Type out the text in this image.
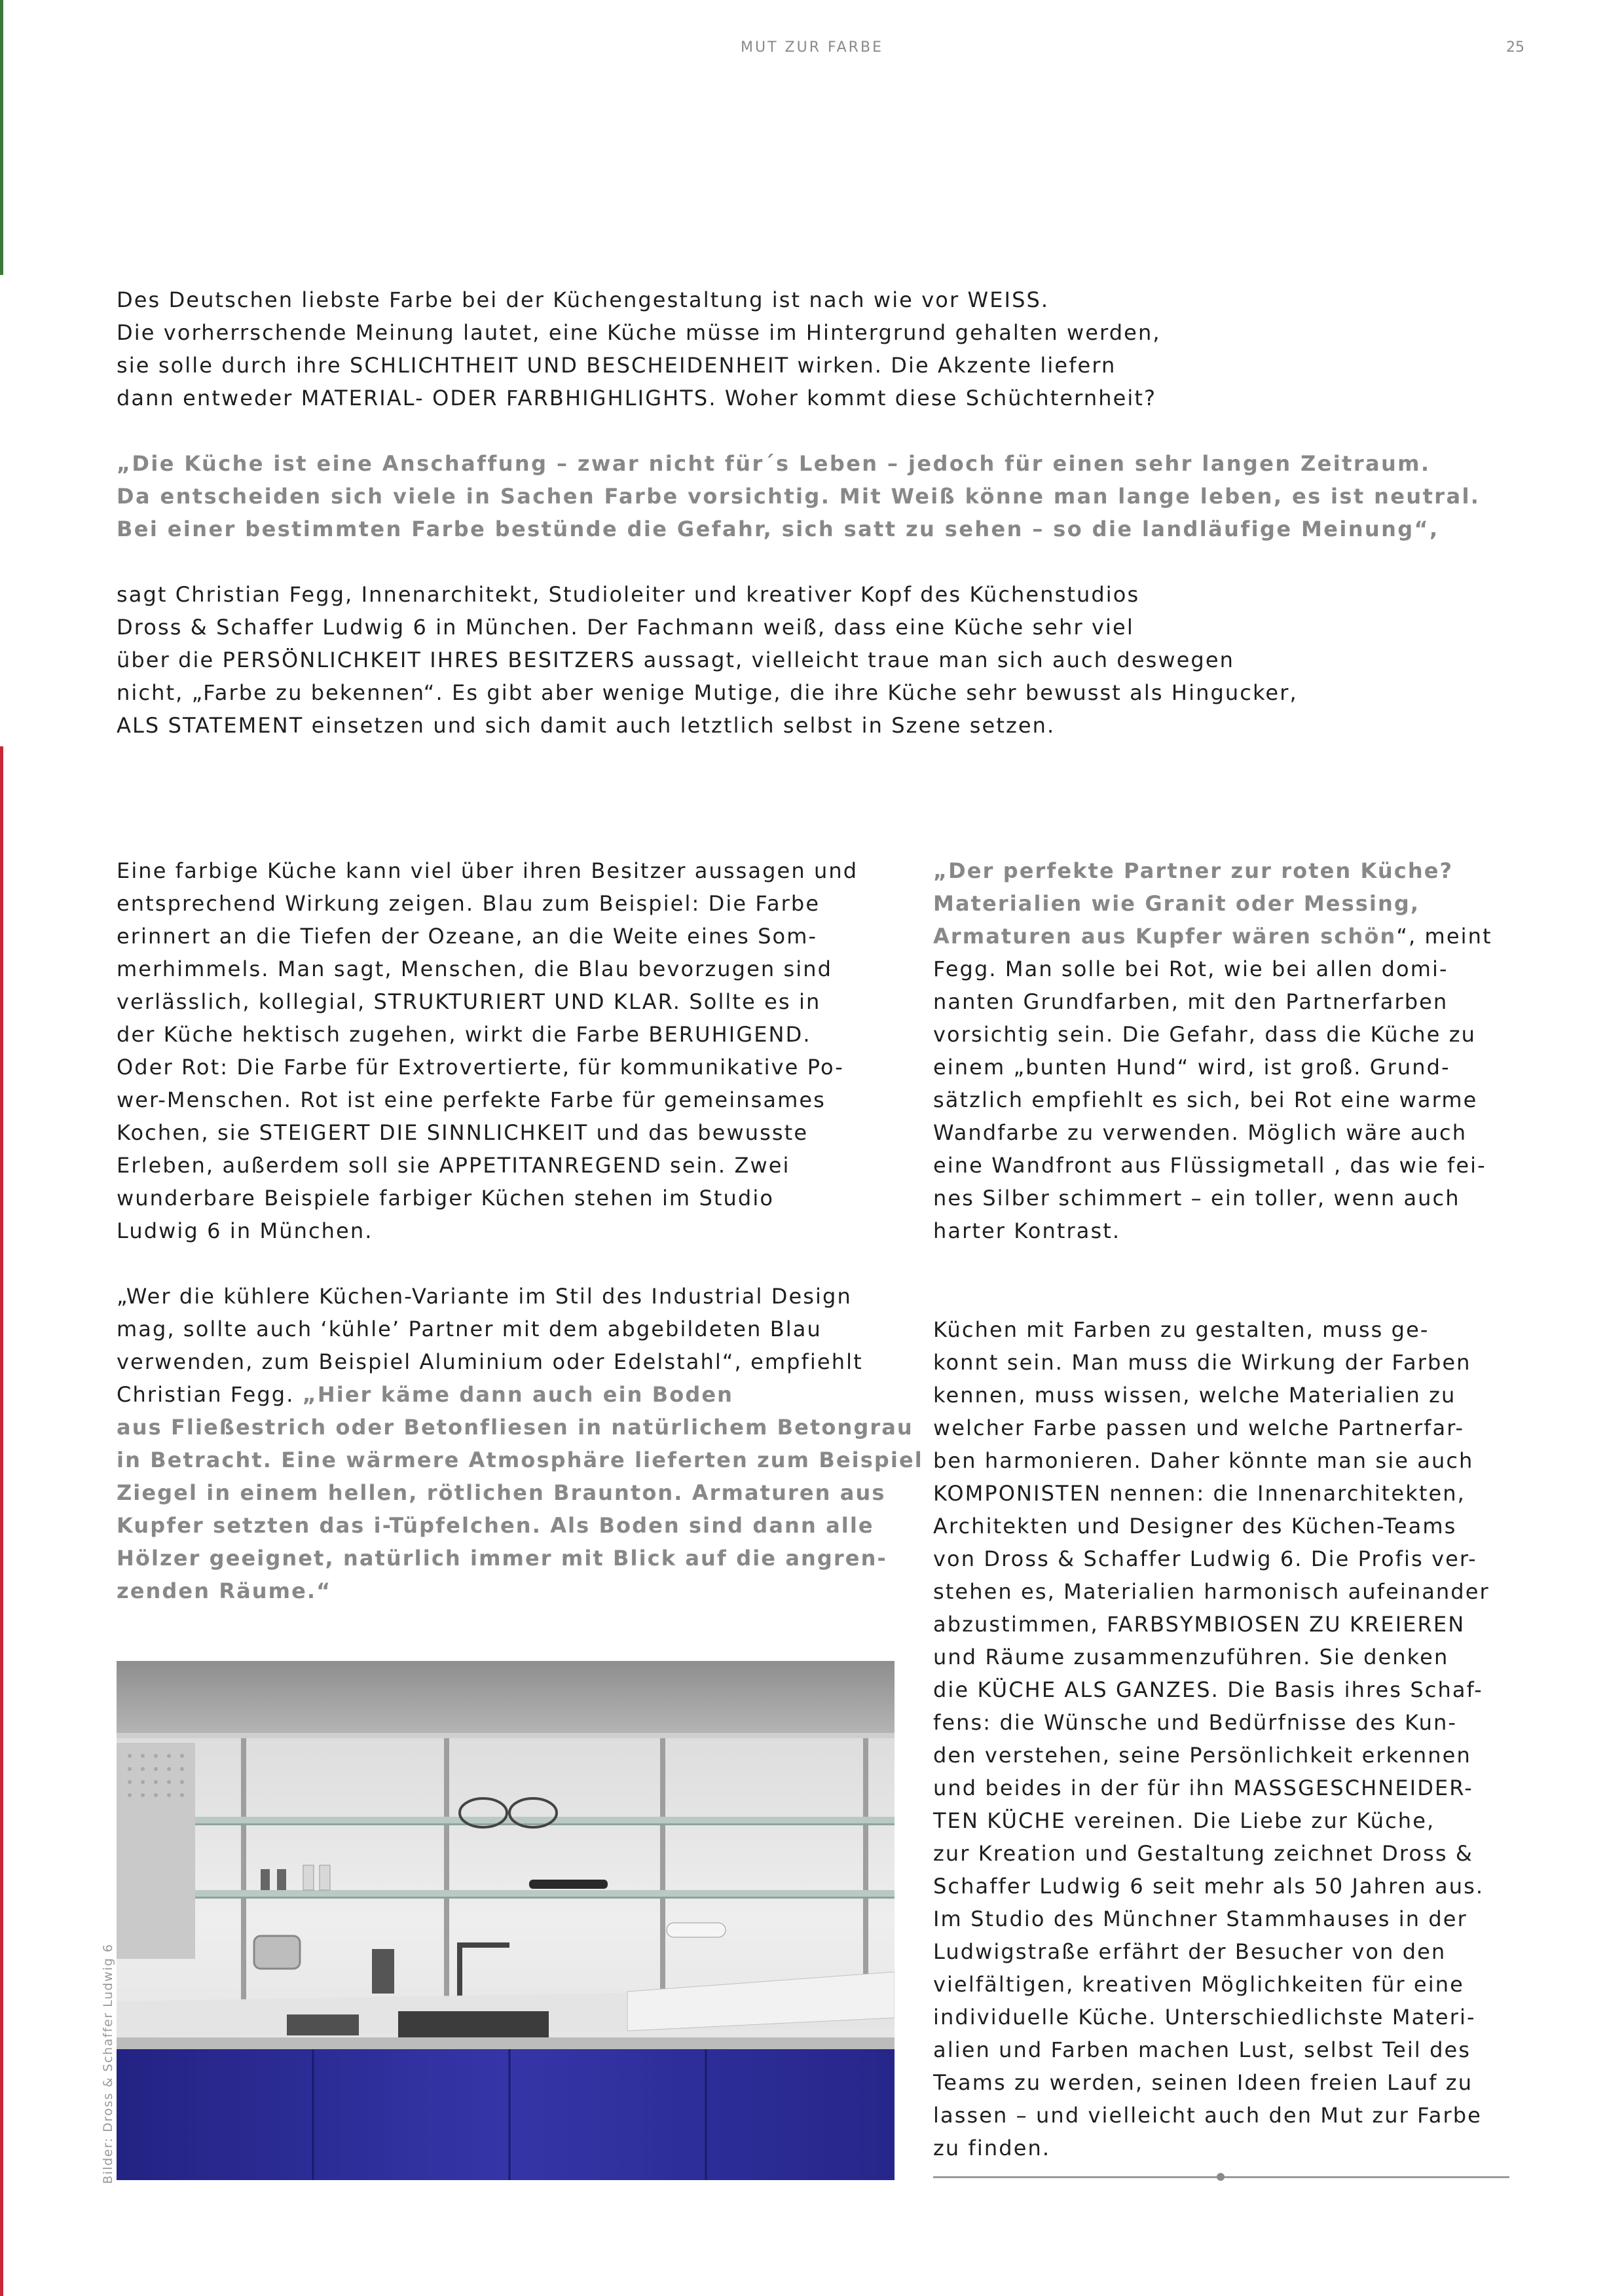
MUT ZUR FARBE	25
Des Deutschen liebste Farbe bei der Küchengestaltung ist nach wie vor WEISS.
Die vorherrschende Meinung lautet, eine Küche müsse im Hintergrund gehalten werden,
sie solle durch ihre SCHLICHTHEIT UND BESCHEIDENHEIT wirken. Die Akzente liefern
dann entweder MATERIAL- ODER FARBHIGHLIGHTS. Woher kommt diese Schüchternheit?
„Die Küche ist eine Anschaffung – zwar nicht für´s Leben – jedoch für einen sehr langen Zeitraum.
Da entscheiden sich viele in Sachen Farbe vorsichtig. Mit Weiß könne man lange leben, es ist neutral.
Bei einer bestimmten Farbe bestünde die Gefahr, sich satt zu sehen – so die landläufige Meinung“,
sagt Christian Fegg, Innenarchitekt, Studioleiter und kreativer Kopf des Küchenstudios
Dross & Schaffer Ludwig 6 in München. Der Fachmann weiß, dass eine Küche sehr viel
über die PERSÖNLICHKEIT IHRES BESITZERS aussagt, vielleicht traue man sich auch deswegen
nicht, „Farbe zu bekennen“. Es gibt aber wenige Mutige, die ihre Küche sehr bewusst als Hingucker,
ALS STATEMENT einsetzen und sich damit auch letztlich selbst in Szene setzen.
Eine farbige Küche kann viel über ihren Besitzer aussagen und
entsprechend Wirkung zeigen. Blau zum Beispiel: Die Farbe
erinnert an die Tiefen der Ozeane, an die Weite eines Som-
merhimmels. Man sagt, Menschen, die Blau bevorzugen sind
verlässlich, kollegial, STRUKTURIERT UND KLAR. Sollte es in
der Küche hektisch zugehen, wirkt die Farbe BERUHIGEND.
Oder Rot: Die Farbe für Extrovertierte, für kommunikative Po-
wer-Menschen. Rot ist eine perfekte Farbe für gemeinsames
Kochen, sie STEIGERT DIE SINNLICHKEIT und das bewusste
Erleben, außerdem soll sie APPETITANREGEND sein. Zwei
wunderbare Beispiele farbiger Küchen stehen im Studio
Ludwig 6 in München.
„Wer die kühlere Küchen-Variante im Stil des Industrial Design
mag, sollte auch ‘kühle’ Partner mit dem abgebildeten Blau
verwenden, zum Beispiel Aluminium oder Edelstahl“, empfiehlt
Christian Fegg. „Hier käme dann auch ein Boden
aus Fließestrich oder Betonfliesen in natürlichem Betongrau
in Betracht. Eine wärmere Atmosphäre lieferten zum Beispiel
Ziegel in einem hellen, rötlichen Braunton. Armaturen aus
Kupfer setzten das i-Tüpfelchen. Als Boden sind dann alle
Hölzer geeignet, natürlich immer mit Blick auf die angren-
zenden Räume.“
Bilder: Dross & Schaffer Ludwig 6
„Der perfekte Partner zur roten Küche?
Materialien wie Granit oder Messing,
Armaturen aus Kupfer wären schön“, meint
Fegg. Man solle bei Rot, wie bei allen domi-
nanten Grundfarben, mit den Partnerfarben
vorsichtig sein. Die Gefahr, dass die Küche zu
einem „bunten Hund“ wird, ist groß. Grund-
sätzlich empfiehlt es sich, bei Rot eine warme
Wandfarbe zu verwenden. Möglich wäre auch
eine Wandfront aus Flüssigmetall , das wie fei-
nes Silber schimmert – ein toller, wenn auch
harter Kontrast.
Küchen mit Farben zu gestalten, muss ge-
konnt sein. Man muss die Wirkung der Farben
kennen, muss wissen, welche Materialien zu
welcher Farbe passen und welche Partnerfar-
ben harmonieren. Daher könnte man sie auch
KOMPONISTEN nennen: die Innenarchitekten,
Architekten und Designer des Küchen-Teams
von Dross & Schaffer Ludwig 6. Die Profis ver-
stehen es, Materialien harmonisch aufeinander
abzustimmen, FARBSYMBIOSEN ZU KREIEREN
und Räume zusammenzuführen. Sie denken
die KÜCHE ALS GANZES. Die Basis ihres Schaf-
fens: die Wünsche und Bedürfnisse des Kun-
den verstehen, seine Persönlichkeit erkennen
und beides in der für ihn MASSGESCHNEIDER-
TEN KÜCHE vereinen. Die Liebe zur Küche,
zur Kreation und Gestaltung zeichnet Dross &
Schaffer Ludwig 6 seit mehr als 50 Jahren aus.
Im Studio des Münchner Stammhauses in der
Ludwigstraße erfährt der Besucher von den
vielfältigen, kreativen Möglichkeiten für eine
individuelle Küche. Unterschiedlichste Materi-
alien und Farben machen Lust, selbst Teil des
Teams zu werden, seinen Ideen freien Lauf zu
lassen – und vielleicht auch den Mut zur Farbe
zu finden.
